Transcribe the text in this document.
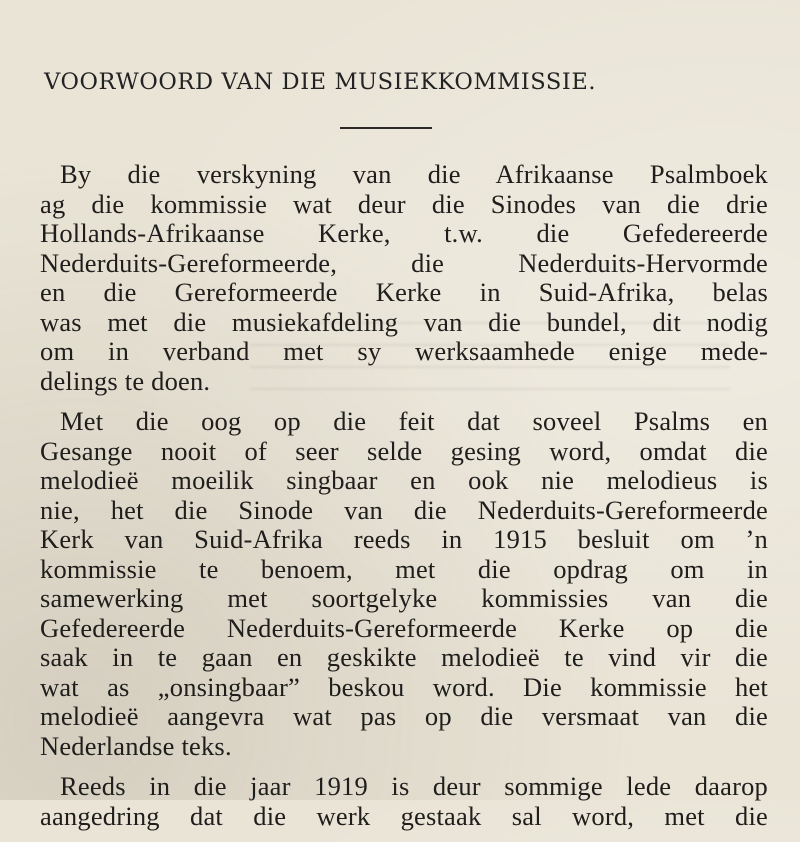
VOORWOORD VAN DIE MUSIEKKOMMISSIE.
By die verskyning van die Afrikaanse Psalmboek
ag die kommissie wat deur die Sinodes van die drie
Hollands-Afrikaanse Kerke, t.w. die Gefedereerde
Nederduits-Gereformeerde, die Nederduits-Hervormde
en die Gereformeerde Kerke in Suid-Afrika, belas
was met die musiekafdeling van die bundel, dit nodig
om in verband met sy werksaamhede enige mede-
delings te doen.
Met die oog op die feit dat soveel Psalms en
Gesange nooit of seer selde gesing word, omdat die
melodieë moeilik singbaar en ook nie melodieus is
nie, het die Sinode van die Nederduits-Gereformeerde
Kerk van Suid-Afrika reeds in 1915 besluit om ’n
kommissie te benoem, met die opdrag om in
samewerking met soortgelyke kommissies van die
Gefedereerde Nederduits-Gereformeerde Kerke op die
saak in te gaan en geskikte melodieë te vind vir die
wat as „onsingbaar” beskou word. Die kommissie het
melodieë aangevra wat pas op die versmaat van die
Nederlandse teks.
Reeds in die jaar 1919 is deur sommige lede daarop
aangedring dat die werk gestaak sal word, met die
